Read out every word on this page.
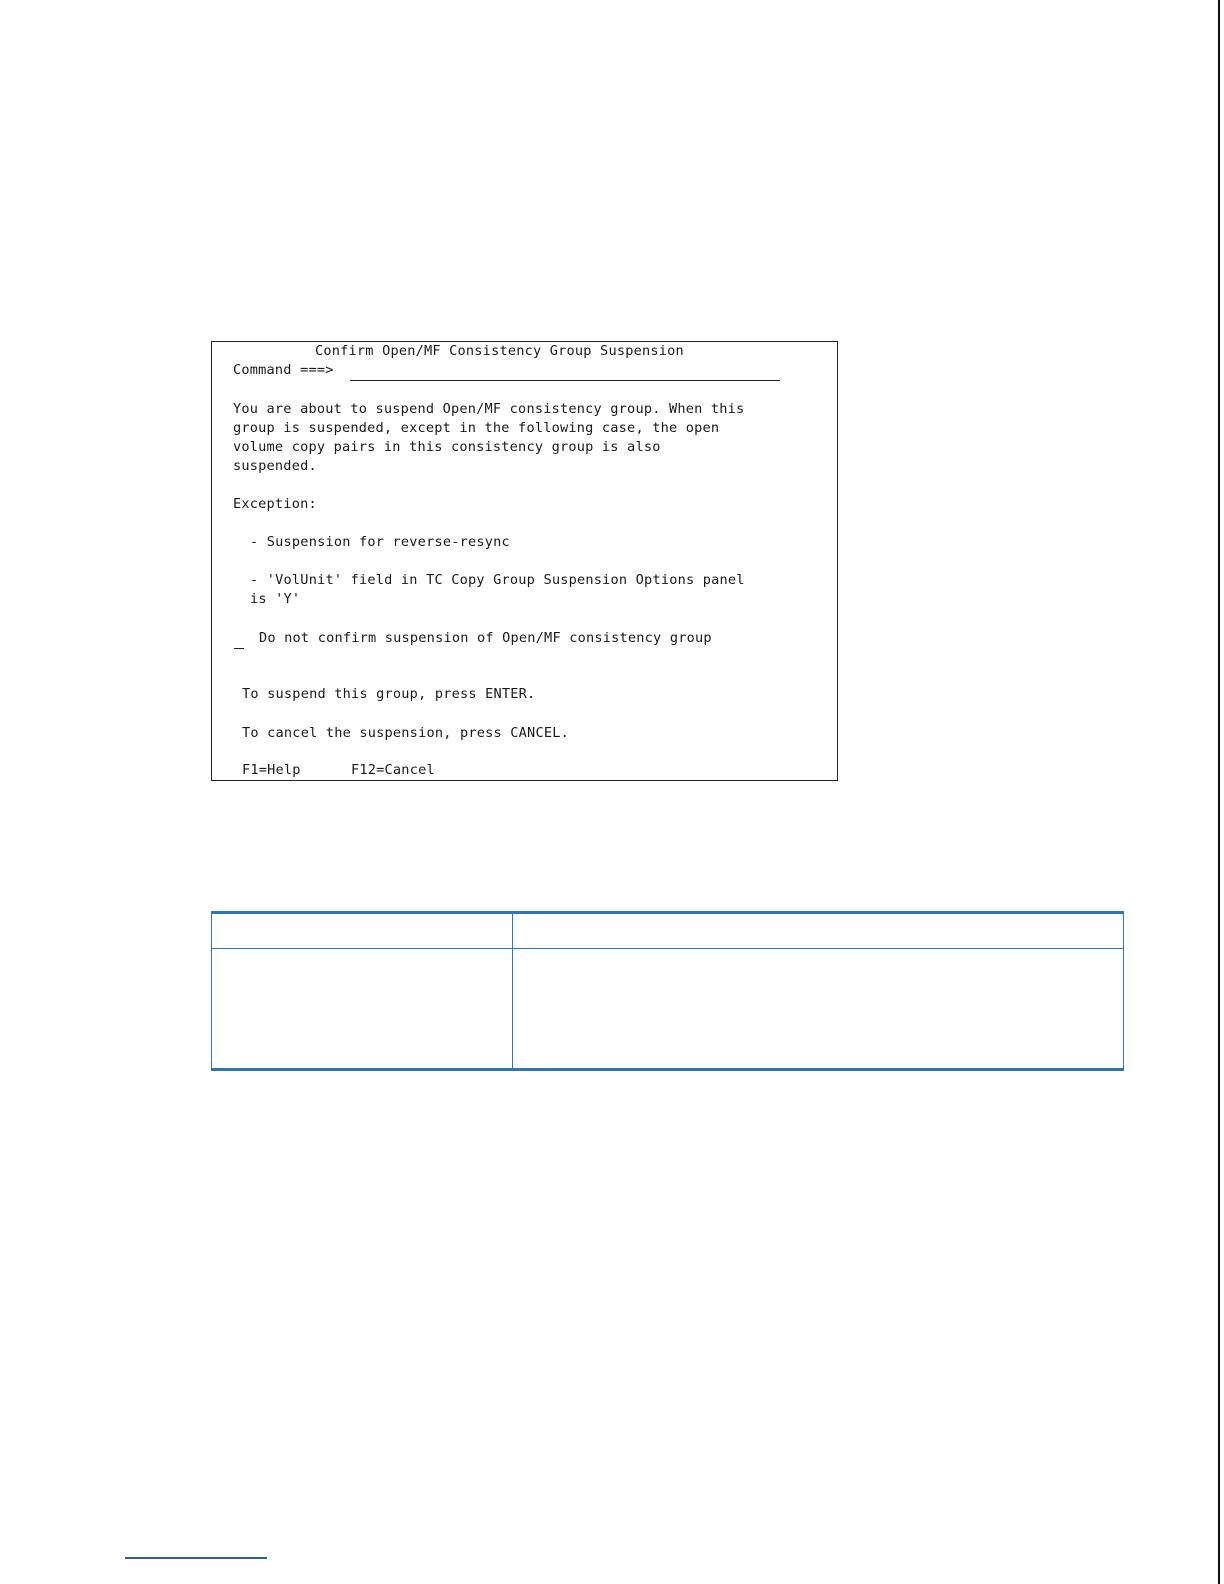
Confirm Open/MF Consistency Group Suspension
Command ===>
You are about to suspend Open/MF consistency group. When this
group is suspended, except in the following case, the open
volume copy pairs in this consistency group is also
suspended.
Exception:
- Suspension for reverse-resync
- 'VolUnit' field in TC Copy Group Suspension Options panel
is 'Y'
Do not confirm suspension of Open/MF consistency group
To suspend this group, press ENTER.
To cancel the suspension, press CANCEL.
F1=Help	F12=Cancel
